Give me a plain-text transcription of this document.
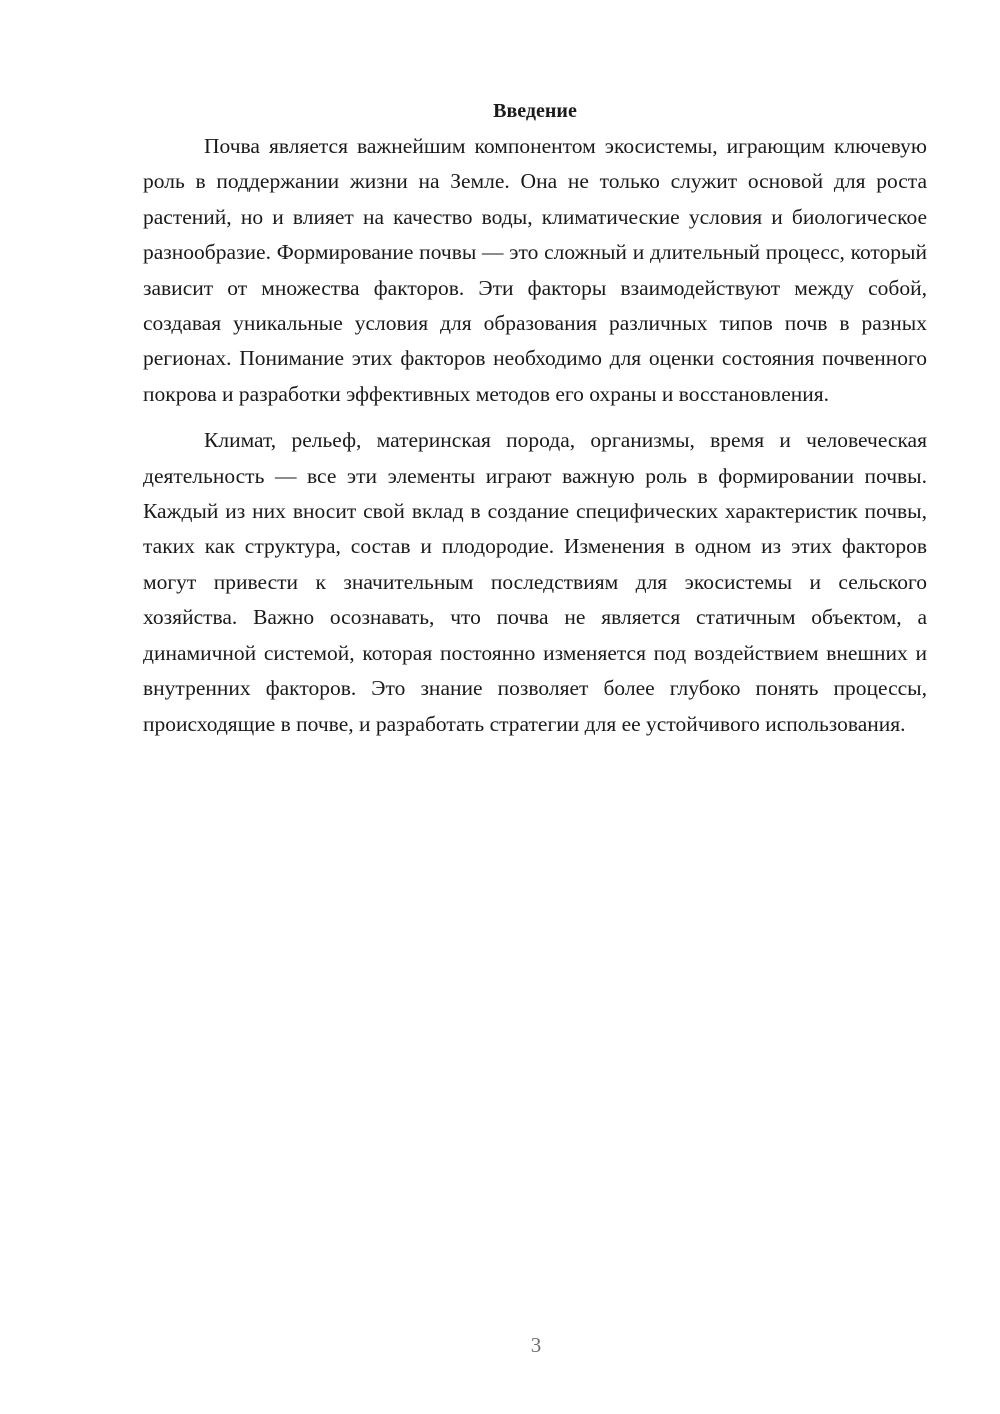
Введение

Почва является важнейшим компонентом экосистемы, играющим ключевую роль в поддержании жизни на Земле. Она не только служит основой для роста растений, но и влияет на качество воды, климатические условия и биологическое разнообразие. Формирование почвы — это сложный и длительный процесс, который зависит от множества факторов. Эти факторы взаимодействуют между собой, создавая уникальные условия для образования различных типов почв в разных регионах. Понимание этих факторов необходимо для оценки состояния почвенного покрова и разработки эффективных методов его охраны и восстановления.

Климат, рельеф, материнская порода, организмы, время и человеческая деятельность — все эти элементы играют важную роль в формировании почвы. Каждый из них вносит свой вклад в создание специфических характеристик почвы, таких как структура, состав и плодородие. Изменения в одном из этих факторов могут привести к значительным последствиям для экосистемы и сельского хозяйства. Важно осознавать, что почва не является статичным объектом, а динамичной системой, которая постоянно изменяется под воздействием внешних и внутренних факторов. Это знание позволяет более глубоко понять процессы, происходящие в почве, и разработать стратегии для ее устойчивого использования.

3
